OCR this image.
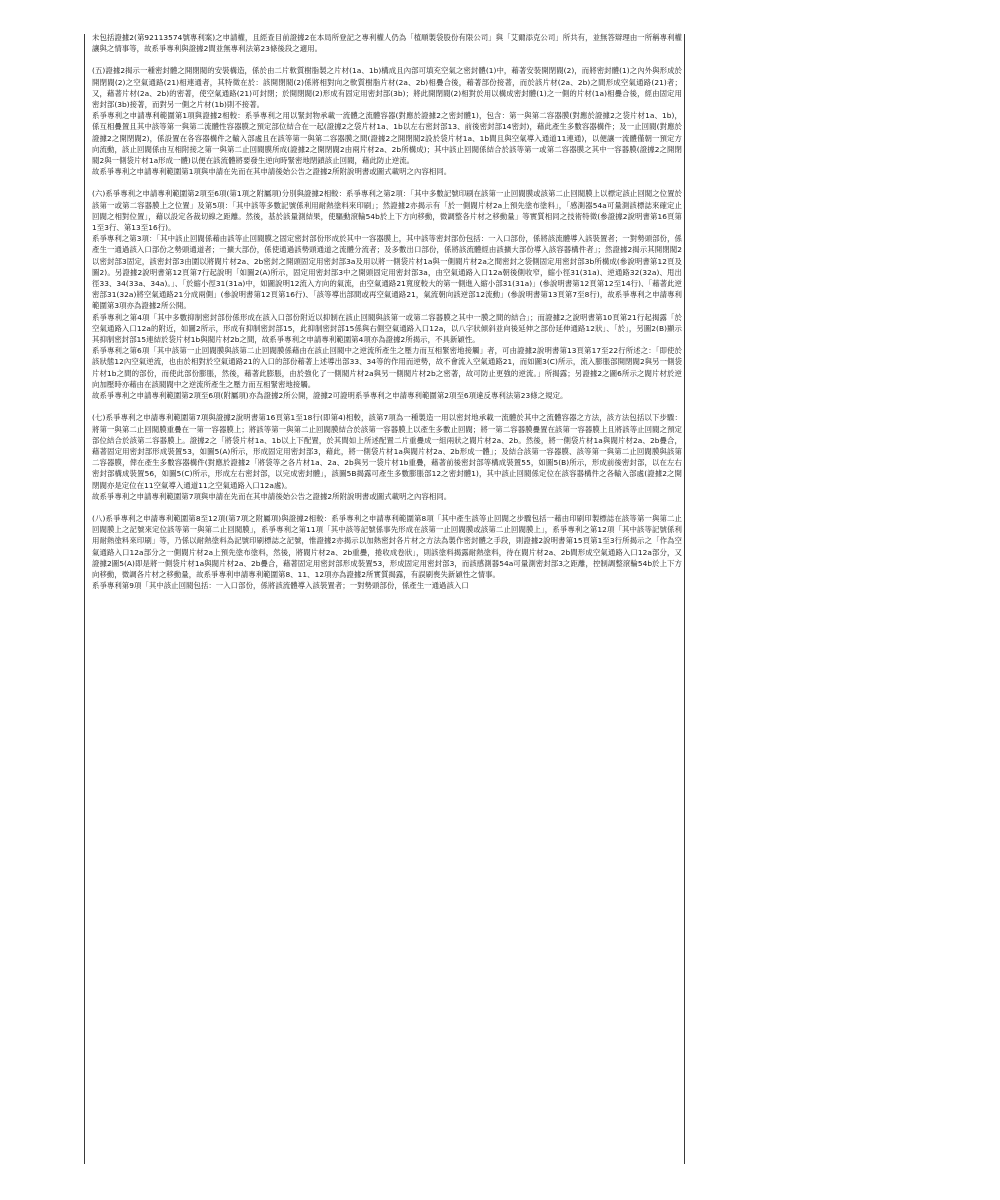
未包括證據2(第92113574號專利案)之申請權，且經查目前證據2在本局所登記之專利權人仍為「植順製袋股份有限公司」與「艾爾添克公司」所共有，並無答辯理由一所稱專利權讓與之情事等，故系爭專利與證據2間並無專利法第23條後段之適用。

(五)證據2揭示一種密封體之開閉閥的安裝構造，係於由二片軟質樹脂製之片材(1a、1b)構成且內部可填充空氣之密封體(1)中，藉著安裝開閉閥(2)，而將密封體(1)之內外與形成於開閉閥(2)之空氣通路(21)相連通者，其特徵在於：該開閉閥(2)係將相對向之軟質樹脂片材(2a、2b)相疊合後，藉著部份接著，而於該片材(2a、2b)之間形成空氣通路(21)者；又，藉著片材(2a、2b)的密著，使空氣通路(21)可封閉；於開閉閥(2)形成有固定用密封部(3b)；將此開閉閥(2)相對於用以構成密封體(1)之一側的片材(1a)相疊合後，經由固定用密封部(3b)接著，而對另一側之片材(1b)則不接著。

系爭專利之申請專利範圍第1項與證據2相較：系爭專利之用以緊封物承載一流體之流體容器(對應於證據2之密封體1)，包含：第一與第二容器膜(對應於證據2之袋片材1a、1b)，係互相疊置且其中該等第一與第二流體性容器膜之預定部位結合在一起(證據2之袋片材1a、1b以左右密封部13、前後密封部14密封)，藉此產生多數容器構件；及一止回閥(對應於證據2之開閉閥2)，係設置在各容器構件之輸入部處且在該等第一與第二容器膜之間(證據2之開閉閥2設於袋片材1a、1b間且與空氣導入通道11連通)，以便讓一流體僅朝一預定方向流動，該止回閥係由互相附接之第一與第二止回閥膜所成(證據2之開閉閥2由兩片材2a、2b所構成)；其中該止回閥係結合於該等第一或第二容器膜之其中一容器膜(證據2之開閉閥2與一側袋片材1a形成一體)以便在該流體將要發生逆向時緊密地閉鎖該止回閥，藉此防止逆流。

故系爭專利之申請專利範圍第1項與申請在先而在其申請後始公告之證據2所附說明書或圖式載明之內容相同。

(六)系爭專利之申請專利範圍第2項至6項(第1項之附屬項)分別與證據2相較：系爭專利之第2項：「其中多數記號印刷在該第一止回閥膜或該第二止回閥膜上以標定該止回閥之位置於該第一或第二容器膜上之位置」及第5項：「其中該等多數記號係利用耐熱塗料來印刷」；然證據2亦揭示有「於一側閥片材2a上預先塗布塗料」，「感測器54a可量測該標誌來確定止回閥之相對位置」，藉以設定各裁切線之距離。然後，基於該量測結果，使驅動滾輪54b於上下方向移動，微調整各片材之移動量」等實質相同之技術特徵(參證據2說明書第16頁第1至3行、第13至16行)。

系爭專利之第3項：「其中該止回閥係藉由該等止回閥膜之固定密封部份形成於其中一容器膜上，其中該等密封部份包括：一入口部份，係將該流體導入該裝置者；一對勢頭部份，係產生一通過該入口部份之勢頭通道者；一擴大部份，係使通過該勢頭通道之流體分流者；及多數出口部份，係將該流體經由該擴大部份導入該容器構件者」；然證據2揭示其開閉閥2以密封部3固定，該密封部3由圍以將閥片材2a、2b密封之開頭固定用密封部3a及用以將一側袋片材1a與一側閥片材2a之間密封之袋側固定用密封部3b所構成(參說明書第12頁及圖2)。另證據2說明書第12頁第7行起說明「如圖2(A)所示，固定用密封部3中之開頭固定用密封部3a，由空氣通路入口12a朝後側收窄，縮小徑31(31a)、逆通路32(32a)、甩出徑33、34(33a、34a)。」、「於縮小徑31(31a)中，如圖說明12流入方向的氣流，由空氣通路21寬度較大的第一側進入縮小部31(31a)」(參說明書第12頁第12至14行)、「藉著此逆密部31(32a)將空氣通路21分成兩側」(參說明書第12頁第16行)、「該等導出部間或再空氣通路21，氣流朝向該逆部12流動」(參說明書第13頁第7至8行)，故系爭專利之申請專利範圍第3項亦為證據2所公開。

系爭專利之第4項「其中多數抑制密封部份係形成在該入口部份附近以抑制在該止回閥與該第一或第二容器膜之其中一膜之間的結合」；而證據2之說明書第10頁第21行起揭露「於空氣通路入口12a的附近，如圖2所示，形成有抑制密封部15，此抑制密封部15係與右側空氣通路入口12a，以八字狀傾斜並向後延伸之部份延伸通路12狀」、「於」，另圖2(B)顯示其抑制密封部15連結於袋片材1b與閥片材2b之間，故系爭專利之申請專利範圍第4項亦為證據2所揭示，不具新穎性。

系爭專利之第6項「其中該第一止回閥膜與該第二止回閥膜係藉由在該止回閥中之逆流所產生之壓力而互相緊密地接觸」者，可由證據2說明書第13頁第17至22行所述之：「即使於該狀態12內空氣逆流，也由於相對於空氣通路21的入口的部份藉著上述導出部33、34等的作用而逆勢，故不會流入空氣通路21，而如圖3(C)所示，流入膨脹部開閉閥2與另一側袋片材1b之間的部份，而使此部份膨脹，然後，藉著此膨脹，由於強化了一側閥片材2a與另一側閥片材2b之密著，故可防止更強的逆流。」所揭露；另證據2之圖6所示之閥片材於逆向加壓時亦藉由在該閥閥中之逆流所產生之壓力而互相緊密地接觸。

故系爭專利之申請專利範圍第2項至6項(附屬項)亦為證據2所公開，證據2可證明系爭專利之申請專利範圍第2項至6項違反專利法第23條之規定。

(七)系爭專利之申請專利範圍第7項與證據2說明書第16頁第1至18行(即第4)相較，該第7項為一種製造一用以密封地承載一流體於其中之流體容器之方法，該方法包括以下步驟：將第一與第二止回閥膜重疊在一第一容器膜上；將該等第一與第二止回閥膜結合於該第一容器膜上以產生多數止回閥；將一第二容器膜疊置在該第一容器膜上且將該等止回閥之預定部位結合於該第二容器膜上。證據2之「將袋片材1a、1b以上下配置，於其間如上所述配置二片重疊成一組兩狀之閥片材2a、2b。然後，將一側袋片材1a與閥片材2a、2b疊合，藉著固定用密封部形成裝置53，如圖5(A)所示，形成固定用密封部3，藉此，將一側袋片材1a與閥片材2a、2b形成一體」；及結合該第一容器膜、該等第一與第二止回閥膜與該第二容器膜，俾在產生多數容器構件(對應於證據2「將袋等之各片材1a、2a、2b與另一袋片材1b重疊，藉著前後密封部等構成裝置55，如圖5(B)所示，形成前後密封部，以在左右密封部構成裝置56，如圖5(C)所示，形成左右密封部，以完成密封體」，該圖5B揭露可產生多數膨脹部12之密封體1)，其中該止回閥係定位在該容器構件之各輸入部處(證據2之開閉閥亦是定位在11空氣導入通道11之空氣通路入口12a處)。

故系爭專利之申請專利範圍第7項與申請在先而在其申請後始公告之證據2所附說明書或圖式載明之內容相同。

(八)系爭專利之申請專利範圍第8至12項(第7項之附屬項)與證據2相較：系爭專利之申請專利範圍第8項「其中產生該等止回閥之步驟包括一藉由印刷印製標誌在該等第一與第二止回閥膜上之記號來定位該等第一與第二止回閥膜」，系爭專利之第11項「其中該等記號係事先形成在該第一止回閥膜或該第二止回閥膜上」，系爭專利之第12項「其中該等記號係利用耐熱塗料來印刷」等，乃係以耐熱塗料為記號印刷標誌之記號，惟證據2亦揭示以加熱密封各片材之方法為製作密封體之手段，則證據2說明書第15頁第1至3行所揭示之「作為空氣通路入口12a部分之一側閥片材2a上預先塗布塗料，然後，將閥片材2a、2b重疊，捲收成卷狀」，則該塗料揭露耐熱塗料，待在閥片材2a、2b間形成空氣通路入口12a部分，又證據2圖5(A)即是將一側袋片材1a與閥片材2a、2b疊合，藉著固定用密封部形成裝置53，形成固定用密封部3，而該感測器54a可量測密封部3之距離，控制調整滾輪54b於上下方向移動，微調各片材之移動量，故系爭專利申請專利範圍第8、11、12項亦為證據2所實質揭露，有誤刷喪失新穎性之情事。

系爭專利第9項「其中該止回閥包括：一入口部份，係將該流體導入該裝置者；一對勢頭部份，係產生一通過該入口
